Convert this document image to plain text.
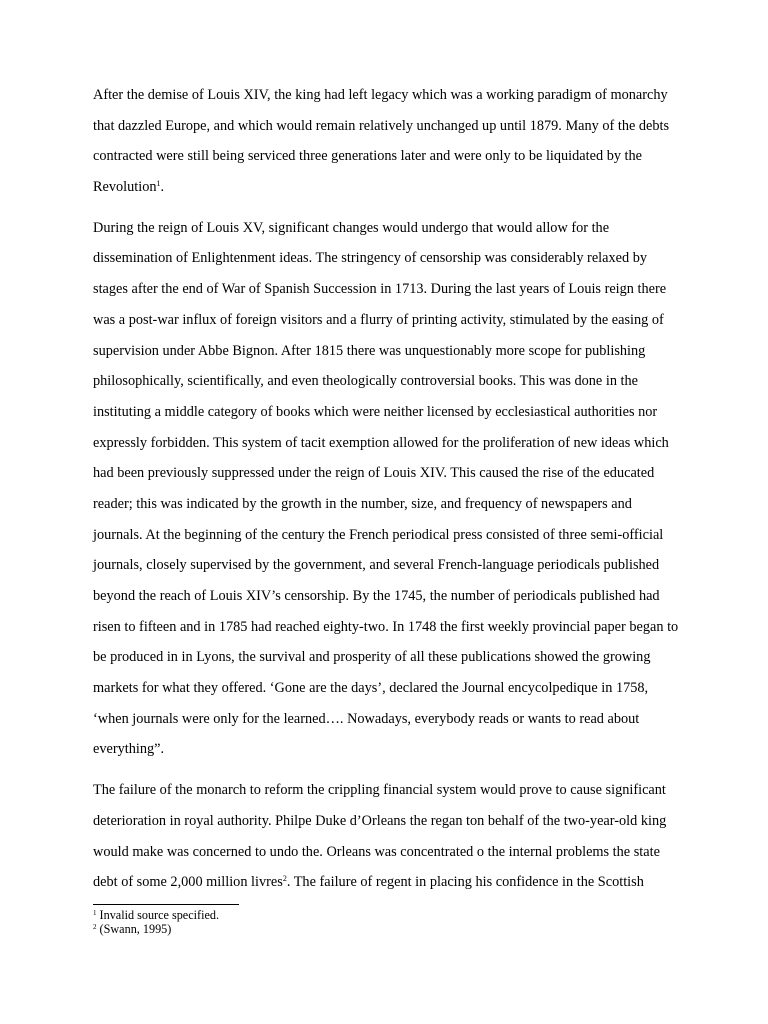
After the demise of Louis XIV, the king had left legacy which was a working paradigm of monarchy
that dazzled Europe, and which would remain relatively unchanged up until 1879. Many of the debts
contracted were still being serviced three generations later and were only to be liquidated by the
Revolution$^1$.

During the reign of Louis XV, significant changes would undergo that would allow for the
dissemination of Enlightenment ideas. The stringency of censorship was considerably relaxed by
stages after the end of War of Spanish Succession in 1713. During the last years of Louis reign there
was a post-war influx of foreign visitors and a flurry of printing activity, stimulated by the easing of
supervision under Abbe Bignon. After 1815 there was unquestionably more scope for publishing
philosophically, scientifically, and even theologically controversial books. This was done in the
instituting a middle category of books which were neither licensed by ecclesiastical authorities nor
expressly forbidden. This system of tacit exemption allowed for the proliferation of new ideas which
had been previously suppressed under the reign of Louis XIV. This caused the rise of the educated
reader; this was indicated by the growth in the number, size, and frequency of newspapers and
journals. At the beginning of the century the French periodical press consisted of three semi-official
journals, closely supervised by the government, and several French-language periodicals published
beyond the reach of Louis XIV’s censorship. By the 1745, the number of periodicals published had
risen to fifteen and in 1785 had reached eighty-two. In 1748 the first weekly provincial paper began to
be produced in in Lyons, the survival and prosperity of all these publications showed the growing
markets for what they offered. ‘Gone are the days’, declared the Journal encycolpedique in 1758,
‘when journals were only for the learned…. Nowadays, everybody reads or wants to read about
everything”.

The failure of the monarch to reform the crippling financial system would prove to cause significant
deterioration in royal authority. Philpe Duke d’Orleans the regan ton behalf of the two-year-old king
would make was concerned to undo the. Orleans was concentrated o the internal problems the state
debt of some 2,000 million livres$^2$. The failure of regent in placing his confidence in the Scottish

$^1$ Invalid source specified.
$^2$ (Swann, 1995)
